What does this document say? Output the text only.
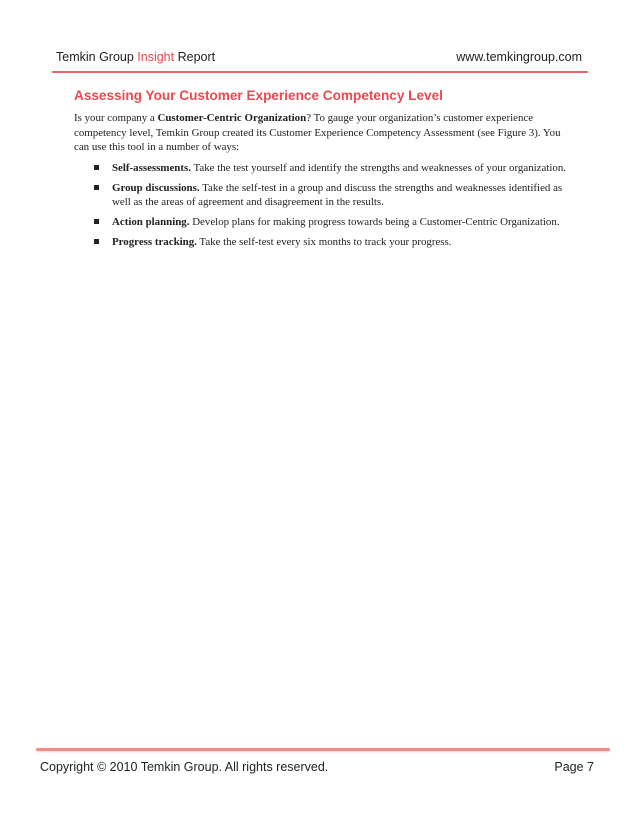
Temkin Group Insight Report	www.temkingroup.com
Assessing Your Customer Experience Competency Level

Is your company a Customer-Centric Organization? To gauge your organization’s customer experience competency level, Temkin Group created its Customer Experience Competency Assessment (see Figure 3). You can use this tool in a number of ways:

Self-assessments. Take the test yourself and identify the strengths and weaknesses of your organization.
Group discussions. Take the self-test in a group and discuss the strengths and weaknesses identified as well as the areas of agreement and disagreement in the results.
Action planning. Develop plans for making progress towards being a Customer-Centric Organization.
Progress tracking. Take the self-test every six months to track your progress.
Copyright © 2010 Temkin Group. All rights reserved.	Page 7
